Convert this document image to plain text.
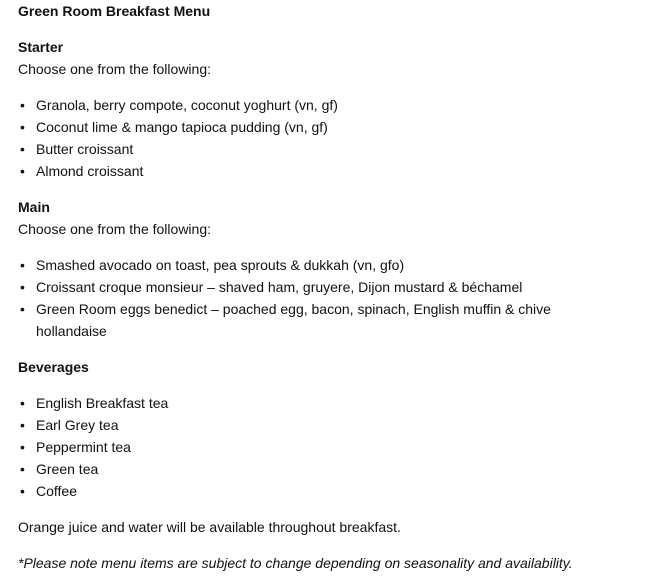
Green Room Breakfast Menu
Starter
Choose one from the following:
• Granola, berry compote, coconut yoghurt (vn, gf)
• Coconut lime & mango tapioca pudding (vn, gf)
• Butter croissant
• Almond croissant
Main
Choose one from the following:
• Smashed avocado on toast, pea sprouts & dukkah (vn, gfo)
• Croissant croque monsieur – shaved ham, gruyere, Dijon mustard & béchamel
• Green Room eggs benedict – poached egg, bacon, spinach, English muffin & chive hollandaise
Beverages
• English Breakfast tea
• Earl Grey tea
• Peppermint tea
• Green tea
• Coffee
Orange juice and water will be available throughout breakfast.
*Please note menu items are subject to change depending on seasonality and availability.
